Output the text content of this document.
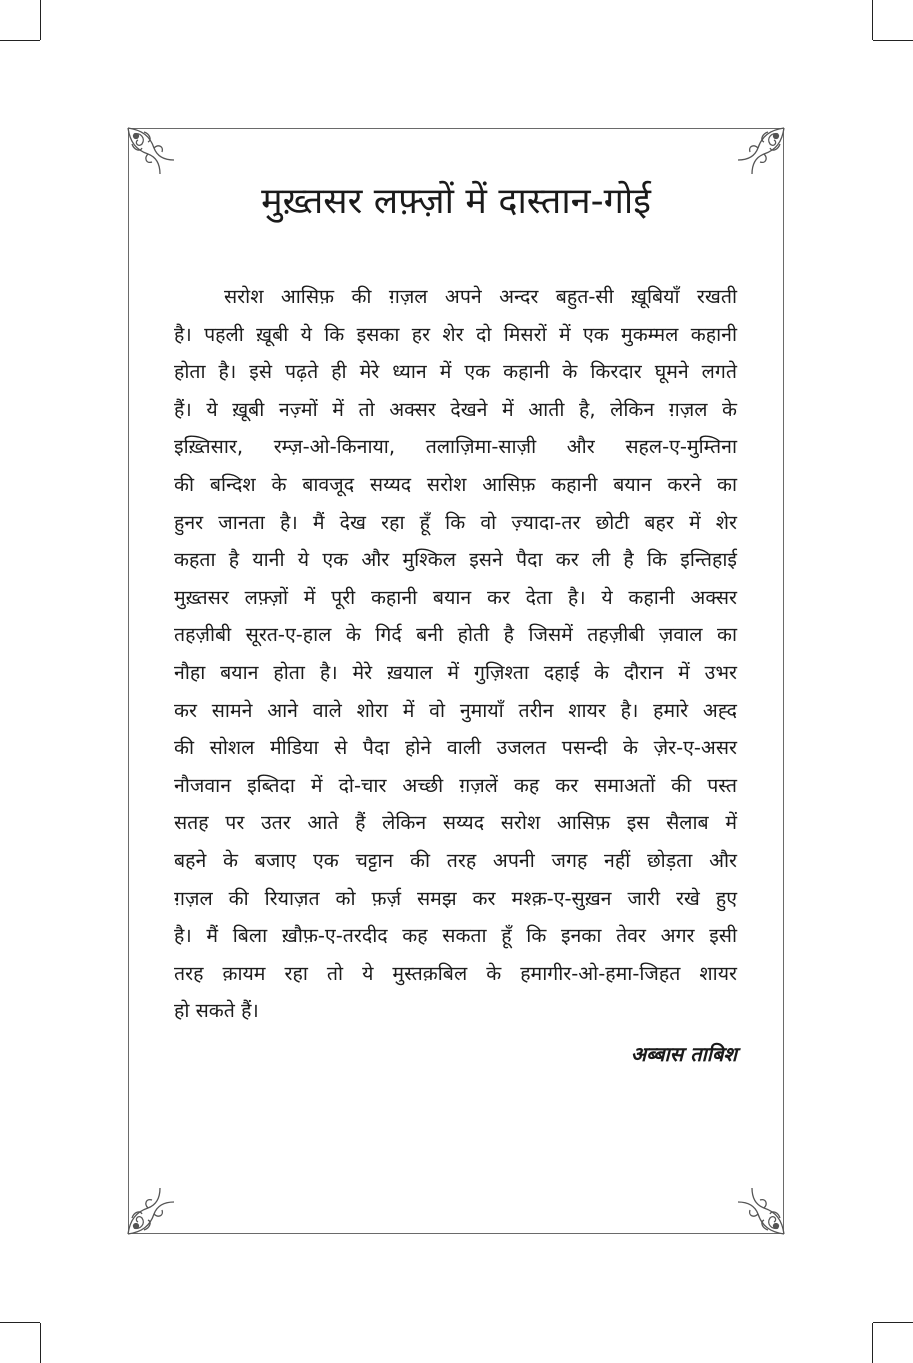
मुख़्तसर लफ़्ज़ों में दास्तान-गोई
सरोश आसिफ़ की ग़ज़ल अपने अन्दर बहुत-सी ख़ूबियाँ रखती
है। पहली ख़ूबी ये कि इसका हर शेर दो मिसरों में एक मुकम्मल कहानी
होता है। इसे पढ़ते ही मेरे ध्यान में एक कहानी के किरदार घूमने लगते
हैं। ये ख़ूबी नज़्मों में तो अक्सर देखने में आती है, लेकिन ग़ज़ल के
इख़्तिसार, रम्ज़-ओ-किनाया, तलाज़िमा-साज़ी और सहल-ए-मुम्तिना
की बन्दिश के बावजूद सय्यद सरोश आसिफ़ कहानी बयान करने का
हुनर जानता है। मैं देख रहा हूँ कि वो ज़्यादा-तर छोटी बहर में शेर
कहता है यानी ये एक और मुश्किल इसने पैदा कर ली है कि इन्तिहाई
मुख़्तसर लफ़्ज़ों में पूरी कहानी बयान कर देता है। ये कहानी अक्सर
तहज़ीबी सूरत-ए-हाल के गिर्द बनी होती है जिसमें तहज़ीबी ज़वाल का
नौहा बयान होता है। मेरे ख़याल में गुज़िश्ता दहाई के दौरान में उभर
कर सामने आने वाले शोरा में वो नुमायाँ तरीन शायर है। हमारे अह्द
की सोशल मीडिया से पैदा होने वाली उजलत पसन्दी के ज़ेर-ए-असर
नौजवान इब्तिदा में दो-चार अच्छी ग़ज़लें कह कर समाअतों की पस्त
सतह पर उतर आते हैं लेकिन सय्यद सरोश आसिफ़ इस सैलाब में
बहने के बजाए एक चट्टान की तरह अपनी जगह नहीं छोड़ता और
ग़ज़ल की रियाज़त को फ़र्ज़ समझ कर मश्क़-ए-सुख़न जारी रखे हुए
है। मैं बिला ख़ौफ़-ए-तरदीद कह सकता हूँ कि इनका तेवर अगर इसी
तरह क़ायम रहा तो ये मुस्तक़बिल के हमागीर-ओ-हमा-जिहत शायर
हो सकते हैं।
अब्बास ताबिश
